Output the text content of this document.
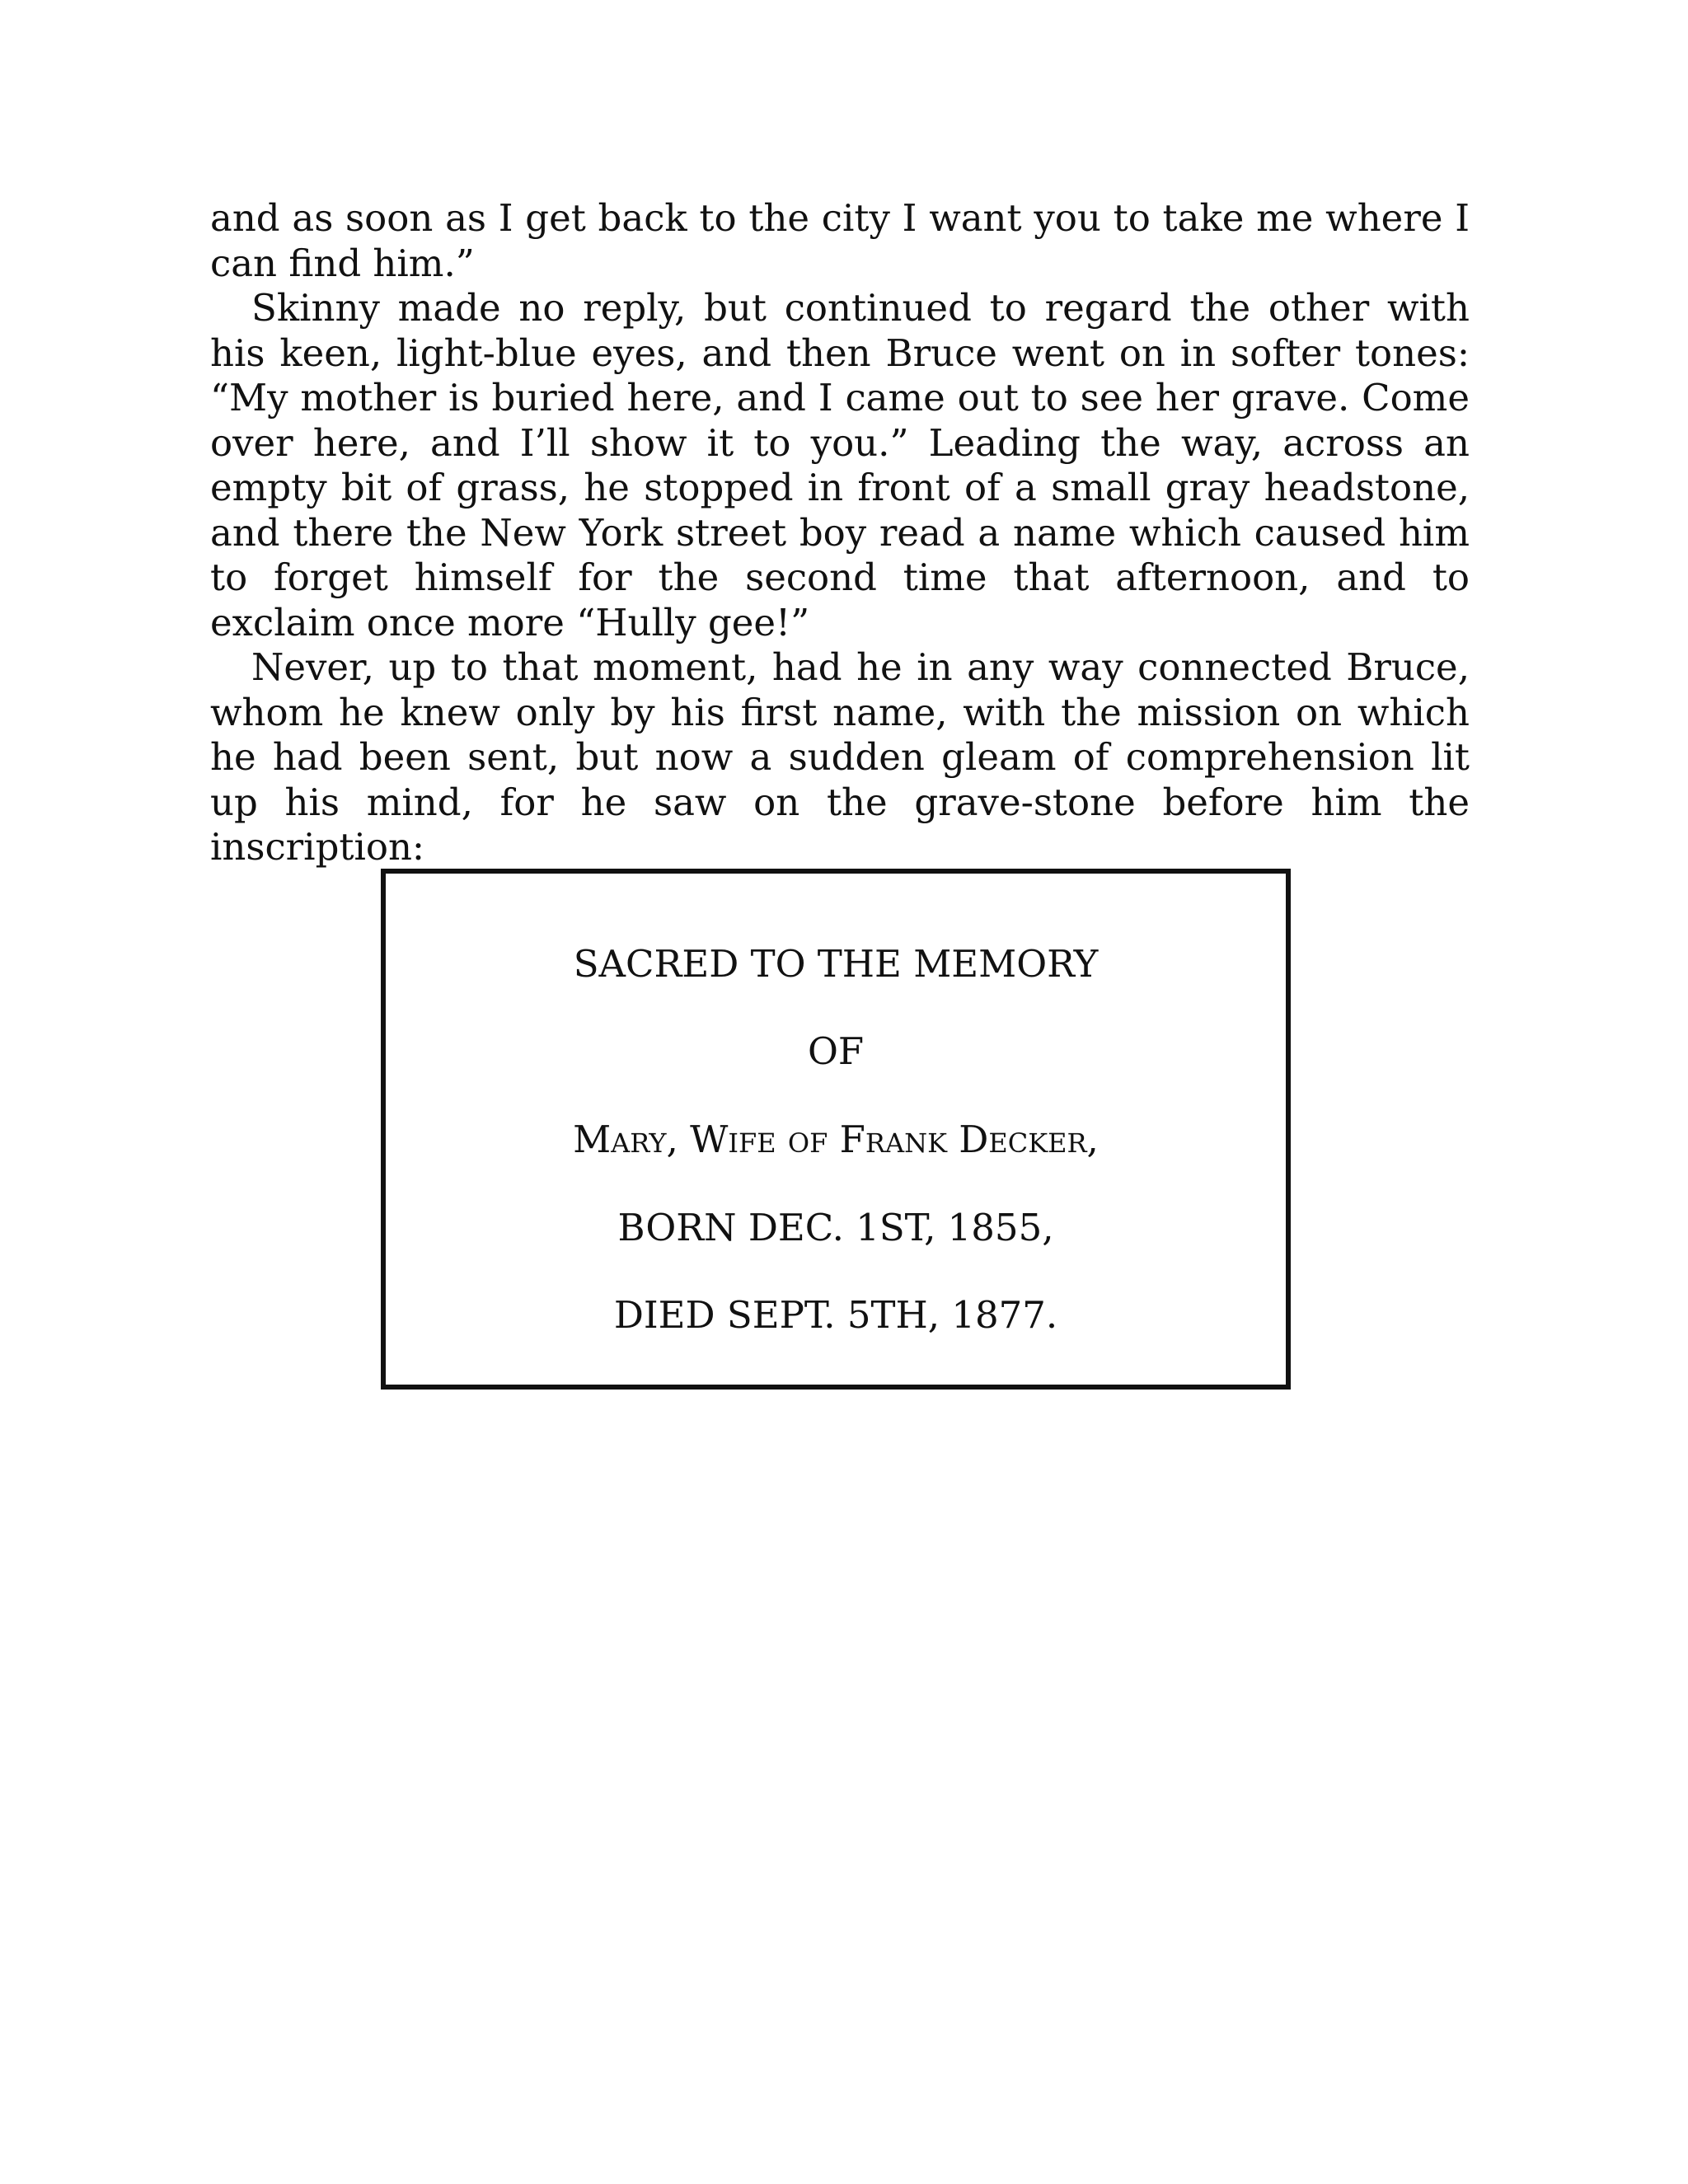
and as soon as I get back to the city I want you to take me where I can find him.”

Skinny made no reply, but continued to regard the other with his keen, light-blue eyes, and then Bruce went on in softer tones: “My mother is buried here, and I came out to see her grave. Come over here, and I’ll show it to you.” Leading the way, across an empty bit of grass, he stopped in front of a small gray headstone, and there the New York street boy read a name which caused him to forget himself for the second time that afternoon, and to exclaim once more “Hully gee!”

Never, up to that moment, had he in any way connected Bruce, whom he knew only by his first name, with the mission on which he had been sent, but now a sudden gleam of comprehension lit up his mind, for he saw on the grave-stone before him the inscription:

SACRED TO THE MEMORY
OF
Mary, Wife of Frank Decker,
BORN DEC. 1ST, 1855,
DIED SEPT. 5TH, 1877.
